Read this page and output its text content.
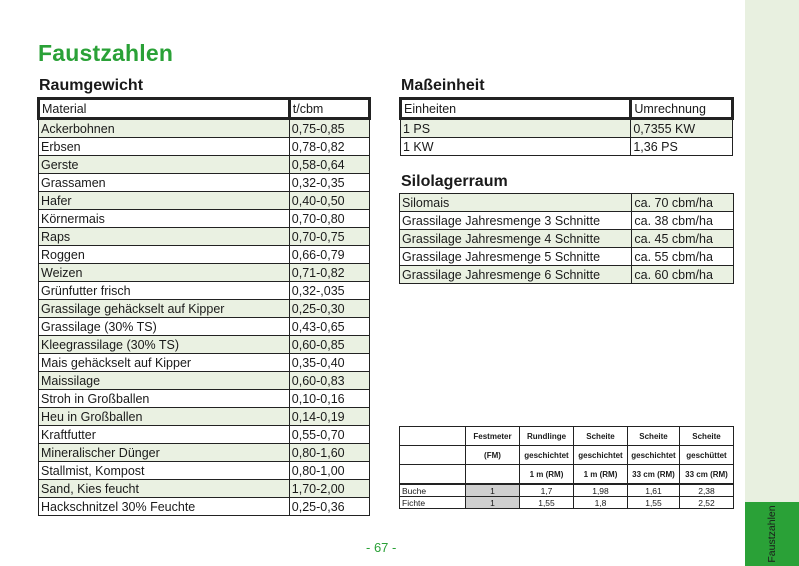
Faustzahlen
Raumgewicht
Material	t/cbm
Ackerbohnen	0,75-0,85
Erbsen	0,78-0,82
Gerste	0,58-0,64
Grassamen	0,32-0,35
Hafer	0,40-0,50
Körnermais	0,70-0,80
Raps	0,70-0,75
Roggen	0,66-0,79
Weizen	0,71-0,82
Grünfutter frisch	0,32-,035
Grassilage gehäckselt auf Kipper	0,25-0,30
Grassilage (30% TS)	0,43-0,65
Kleegrassilage (30% TS)	0,60-0,85
Mais gehäckselt auf Kipper	0,35-0,40
Maissilage	0,60-0,83
Stroh in Großballen	0,10-0,16
Heu in Großballen	0,14-0,19
Kraftfutter	0,55-0,70
Mineralischer Dünger	0,80-1,60
Stallmist, Kompost	0,80-1,00
Sand, Kies feucht	1,70-2,00
Hackschnitzel 30% Feuchte	0,25-0,36
Maßeinheit
Einheiten	Umrechnung
1 PS	0,7355 KW
1 KW	1,36 PS
Silolagerraum
Silomais	ca. 70 cbm/ha
Grassilage Jahresmenge 3 Schnitte	ca. 38 cbm/ha
Grassilage Jahresmenge 4 Schnitte	ca. 45 cbm/ha
Grassilage Jahresmenge 5 Schnitte	ca. 55 cbm/ha
Grassilage Jahresmenge 6 Schnitte	ca. 60 cbm/ha
	Festmeter	Rundlinge	Scheite	Scheite	Scheite
	(FM)	geschichtet	geschichtet	geschichtet	geschüttet
		1 m (RM)	1 m (RM)	33 cm (RM)	33 cm (RM)
Buche	1	1,7	1,98	1,61	2,38
Fichte	1	1,55	1,8	1,55	2,52
Faustzahlen
- 67 -
